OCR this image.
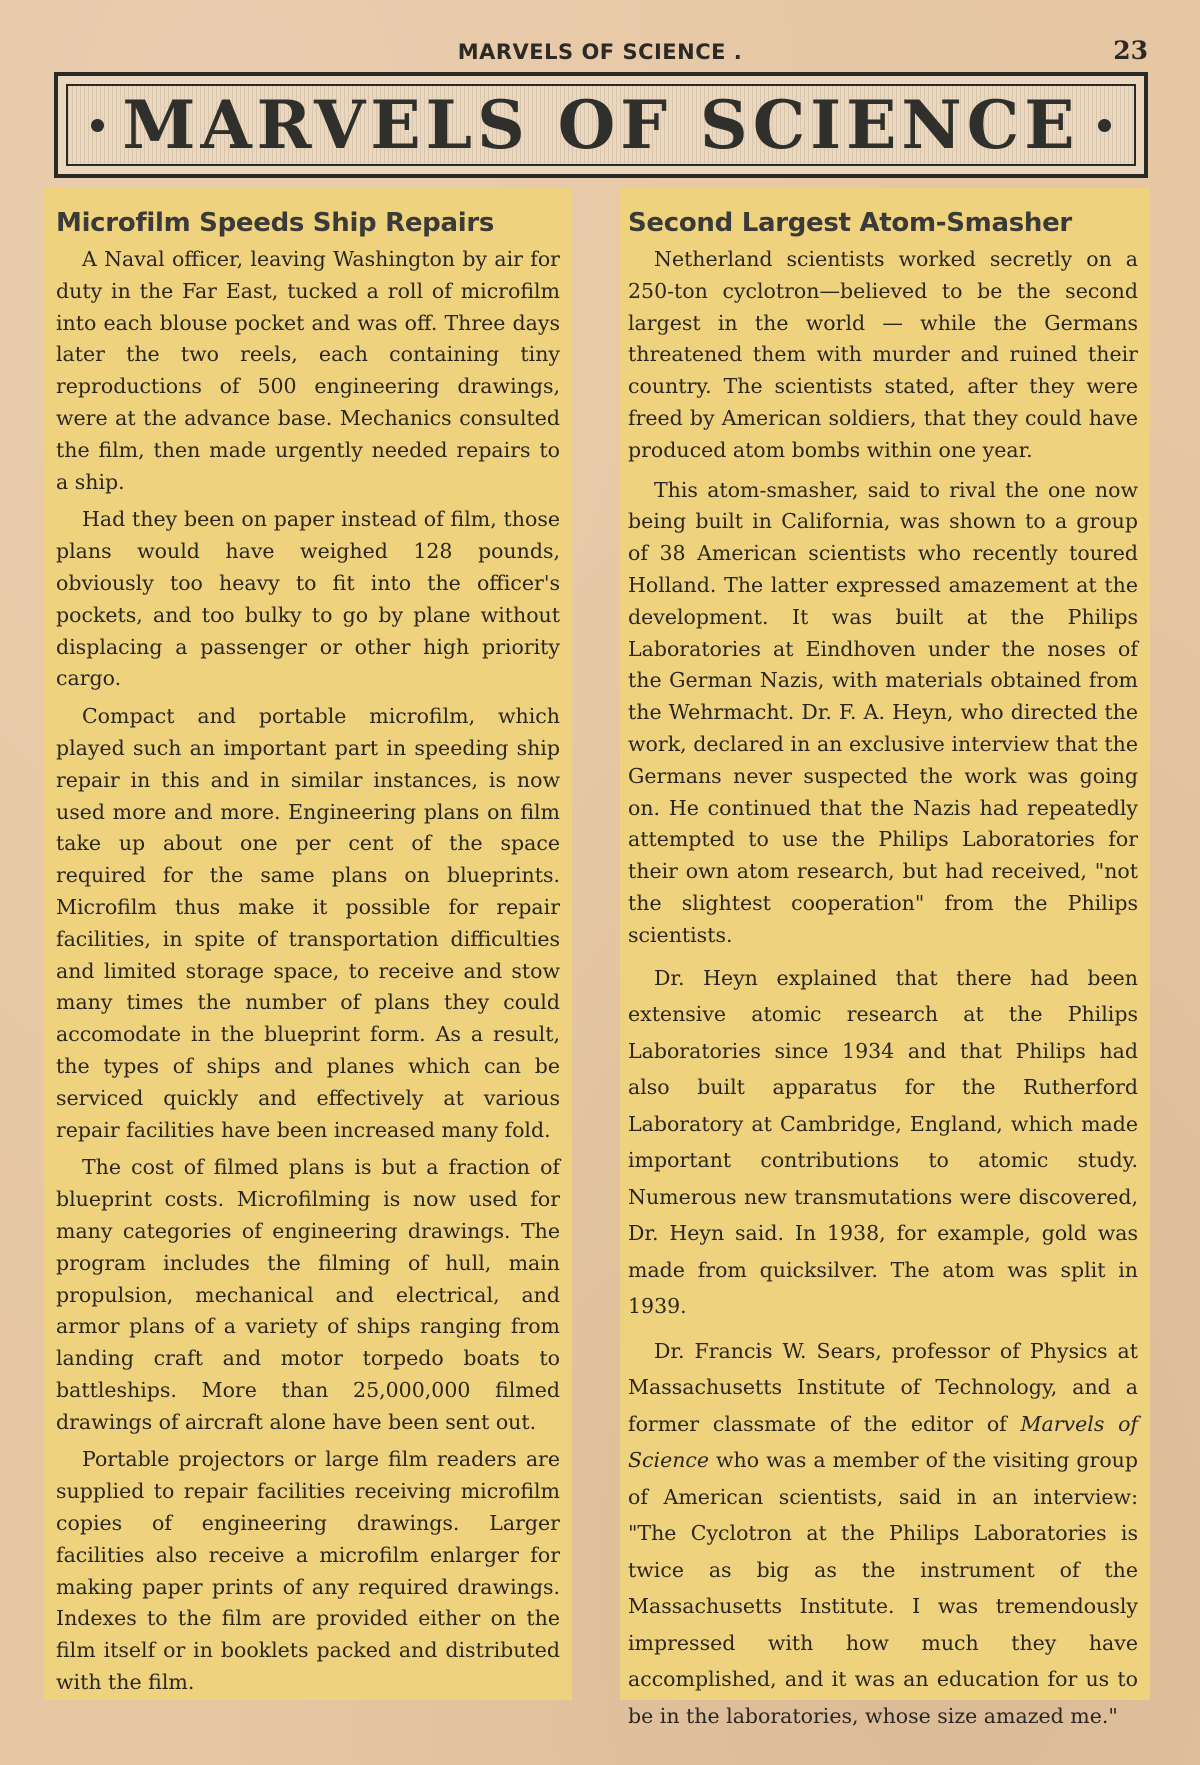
MARVELS OF SCIENCE .	23
MARVELS OF SCIENCE
Microfilm Speeds Ship Repairs

A Naval officer, leaving Washington by air for duty in the Far East, tucked a roll of microfilm into each blouse pocket and was off. Three days later the two reels, each containing tiny reproductions of 500 engineering drawings, were at the advance base. Mechanics consulted the film, then made urgently needed repairs to a ship.

Had they been on paper instead of film, those plans would have weighed 128 pounds, obviously too heavy to fit into the officer's pockets, and too bulky to go by plane without displacing a passenger or other high priority cargo.

Compact and portable microfilm, which played such an important part in speeding ship repair in this and in similar instances, is now used more and more. Engineering plans on film take up about one per cent of the space required for the same plans on blueprints. Microfilm thus make it possible for repair facilities, in spite of transportation difficulties and limited storage space, to receive and stow many times the number of plans they could accomodate in the blueprint form. As a result, the types of ships and planes which can be serviced quickly and effectively at various repair facilities have been increased many fold.

The cost of filmed plans is but a fraction of blueprint costs. Microfilming is now used for many categories of engineering drawings. The program includes the filming of hull, main propulsion, mechanical and electrical, and armor plans of a variety of ships ranging from landing craft and motor torpedo boats to battleships. More than 25,000,000 filmed drawings of aircraft alone have been sent out.

Portable projectors or large film readers are supplied to repair facilities receiving microfilm copies of engineering drawings. Larger facilities also receive a microfilm enlarger for making paper prints of any required drawings. Indexes to the film are provided either on the film itself or in booklets packed and distributed with the film.

Second Largest Atom-Smasher

Netherland scientists worked secretly on a 250-ton cyclotron—believed to be the second largest in the world — while the Germans threatened them with murder and ruined their country. The scientists stated, after they were freed by American soldiers, that they could have produced atom bombs within one year.

This atom-smasher, said to rival the one now being built in California, was shown to a group of 38 American scientists who recently toured Holland. The latter expressed amazement at the development. It was built at the Philips Laboratories at Eindhoven under the noses of the German Nazis, with materials obtained from the Wehrmacht. Dr. F. A. Heyn, who directed the work, declared in an exclusive interview that the Germans never suspected the work was going on. He continued that the Nazis had repeatedly attempted to use the Philips Laboratories for their own atom research, but had received, "not the slightest cooperation" from the Philips scientists.

Dr. Heyn explained that there had been extensive atomic research at the Philips Laboratories since 1934 and that Philips had also built apparatus for the Rutherford Laboratory at Cambridge, England, which made important contributions to atomic study. Numerous new transmutations were discovered, Dr. Heyn said. In 1938, for example, gold was made from quicksilver. The atom was split in 1939.

Dr. Francis W. Sears, professor of Physics at Massachusetts Institute of Technology, and a former classmate of the editor of Marvels of Science who was a member of the visiting group of American scientists, said in an interview: "The Cyclotron at the Philips Laboratories is twice as big as the instrument of the Massachusetts Institute. I was tremendously impressed with how much they have accomplished, and it was an education for us to be in the laboratories, whose size amazed me."
